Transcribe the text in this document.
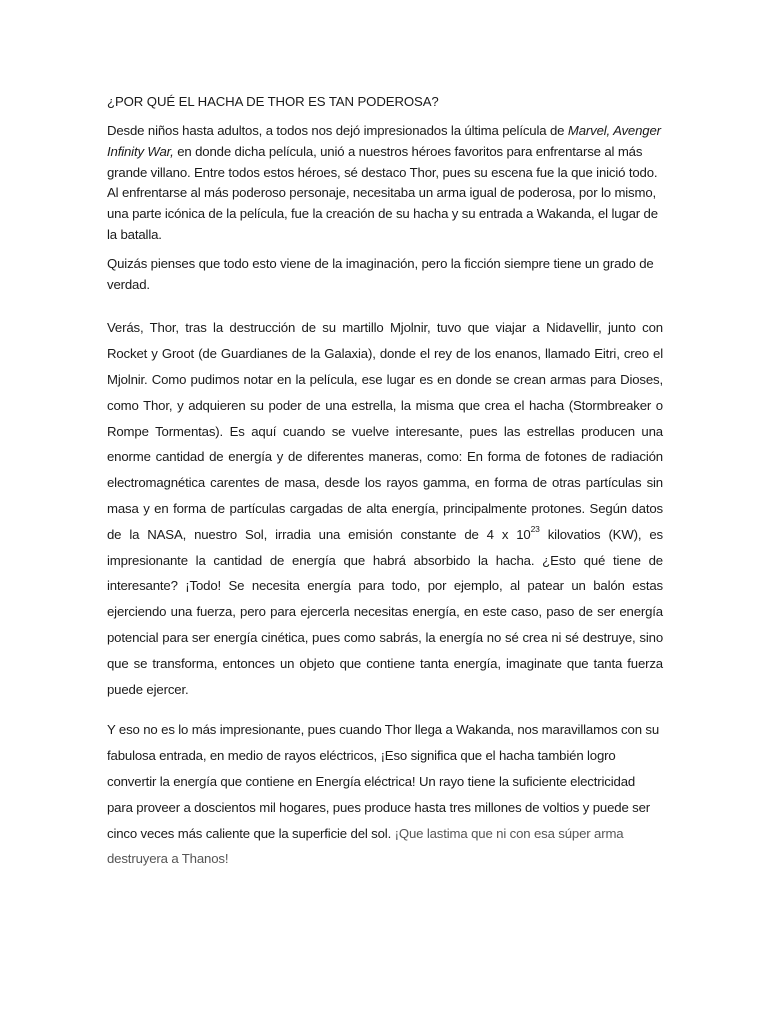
¿POR QUÉ EL HACHA DE THOR ES TAN PODEROSA?

Desde niños hasta adultos, a todos nos dejó impresionados la última película de Marvel, Avenger Infinity War, en donde dicha película, unió a nuestros héroes favoritos para enfrentarse al más grande villano. Entre todos estos héroes, sé destaco Thor, pues su escena fue la que inició todo. Al enfrentarse al más poderoso personaje, necesitaba un arma igual de poderosa, por lo mismo, una parte icónica de la película, fue la creación de su hacha y su entrada a Wakanda, el lugar de la batalla.

Quizás pienses que todo esto viene de la imaginación, pero la ficción siempre tiene un grado de verdad.

Verás, Thor, tras la destrucción de su martillo Mjolnir, tuvo que viajar a Nidavellir, junto con Rocket y Groot (de Guardianes de la Galaxia), donde el rey de los enanos, llamado Eitri, creo el Mjolnir. Como pudimos notar en la película, ese lugar es en donde se crean armas para Dioses, como Thor, y adquieren su poder de una estrella, la misma que crea el hacha (Stormbreaker o Rompe Tormentas). Es aquí cuando se vuelve interesante, pues las estrellas producen una enorme cantidad de energía y de diferentes maneras, como: En forma de fotones de radiación electromagnética carentes de masa, desde los rayos gamma, en forma de otras partículas sin masa y en forma de partículas cargadas de alta energía, principalmente protones. Según datos de la NASA, nuestro Sol, irradia una emisión constante de 4 x $10^{23}$ kilovatios (KW), es impresionante la cantidad de energía que habrá absorbido la hacha. ¿Esto qué tiene de interesante? ¡Todo! Se necesita energía para todo, por ejemplo, al patear un balón estas ejerciendo una fuerza, pero para ejercerla necesitas energía, en este caso, paso de ser energía potencial para ser energía cinética, pues como sabrás, la energía no sé crea ni sé destruye, sino que se transforma, entonces un objeto que contiene tanta energía, imaginate que tanta fuerza puede ejercer.

Y eso no es lo más impresionante, pues cuando Thor llega a Wakanda, nos maravillamos con su fabulosa entrada, en medio de rayos eléctricos, ¡Eso significa que el hacha también logro convertir la energía que contiene en Energía eléctrica! Un rayo tiene la suficiente electricidad para proveer a doscientos mil hogares, pues produce hasta tres millones de voltios y puede ser cinco veces más caliente que la superficie del sol. ¡Que lastima que ni con esa súper arma destruyera a Thanos!
